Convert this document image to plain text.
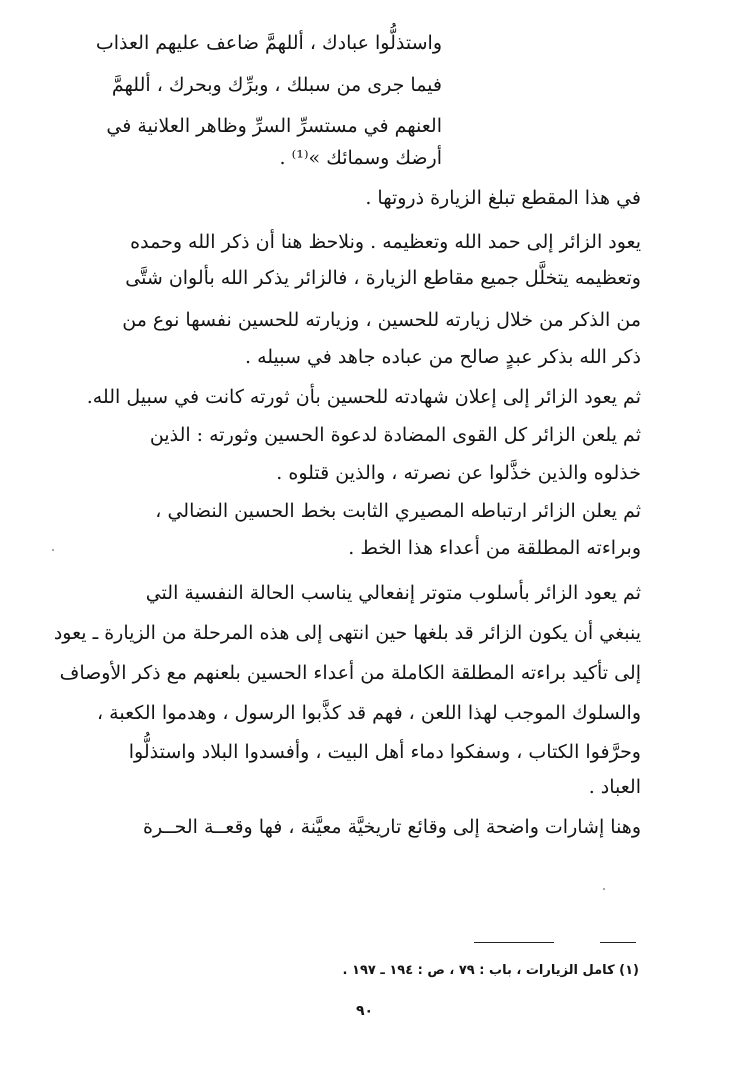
واستذلُّوا عبادك ، أللهمَّ ضاعف عليهم العذاب
فيما جرى من سبلك ، وبرِّك وبحرك ، أللهمَّ
العنهم في مستسرِّ السرِّ وظاهر العلانية في
أرضك وسمائك »⁽¹⁾ .
في هذا المقطع تبلغ الزيارة ذروتها .
يعود الزائر إلى حمد الله وتعظيمه . ونلاحظ هنا أن ذكر الله وحمده
وتعظيمه يتخلَّل جميع مقاطع الزيارة ، فالزائر يذكر الله بألوان شتَّى
من الذكر من خلال زيارته للحسين ، وزيارته للحسين نفسها نوع من
ذكر الله بذكر عبدٍ صالح من عباده جاهد في سبيله .
ثم يعود الزائر إلى إعلان شهادته للحسين بأن ثورته كانت في سبيل الله.
ثم يلعن الزائر كل القوى المضادة لدعوة الحسين وثورته : الذين
خذلوه والذين خذَّلوا عن نصرته ، والذين قتلوه .
ثم يعلن الزائر ارتباطه المصيري الثابت بخط الحسين النضالي ،
وبراءته المطلقة من أعداء هذا الخط .
ثم يعود الزائر بأسلوب متوتر إنفعالي يناسب الحالة النفسية التي
ينبغي أن يكون الزائر قد بلغها حين انتهى إلى هذه المرحلة من الزيارة ـ يعود
إلى تأكيد براءته المطلقة الكاملة من أعداء الحسين بلعنهم مع ذكر الأوصاف
والسلوك الموجب لهذا اللعن ، فهم قد كذَّبوا الرسول ، وهدموا الكعبة ،
وحرَّفوا الكتاب ، وسفكوا دماء أهل البيت ، وأفسدوا البلاد واستذلُّوا
العباد .
وهنا إشارات واضحة إلى وقائع تاريخيَّة معيَّنة ، فها وقعــة الحــرة
(١) كامل الزيارات ، باب : ٧٩ ، ص : ١٩٤ ـ ١٩٧ .
٩٠
